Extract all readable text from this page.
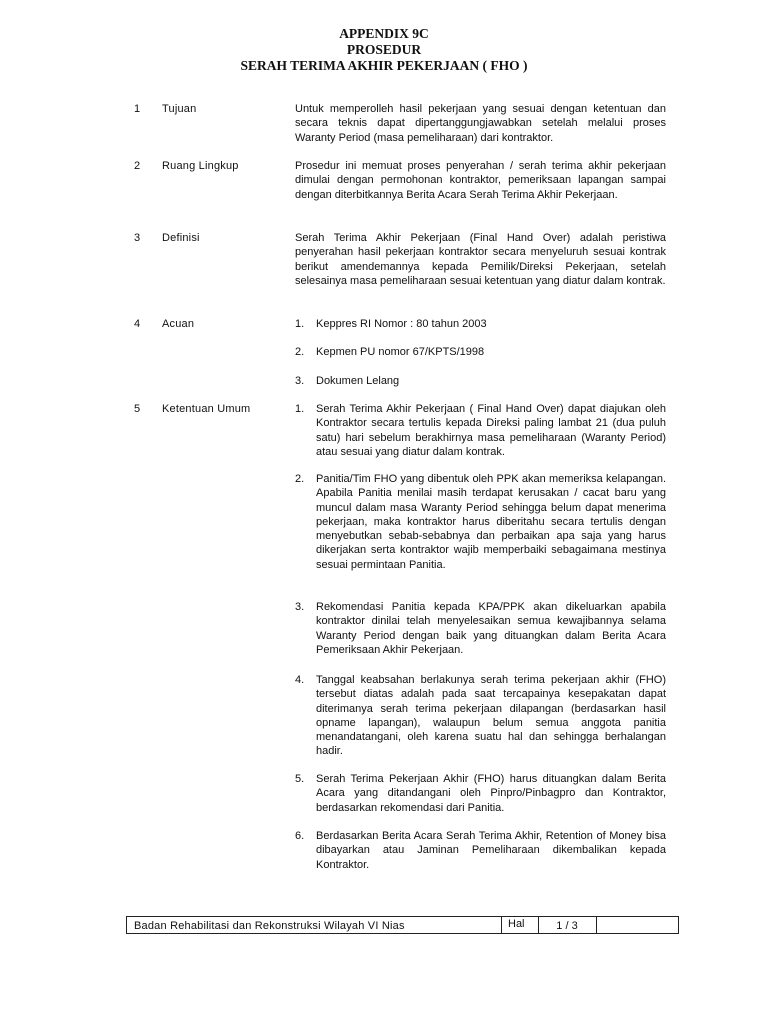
APPENDIX 9C
PROSEDUR
SERAH TERIMA AKHIR PEKERJAAN ( FHO )
1 Tujuan	Untuk memperolleh hasil pekerjaan yang sesuai dengan ketentuan dan secara teknis dapat dipertanggungjawabkan setelah melalui proses Waranty Period (masa pemeliharaan) dari kontraktor.
2 Ruang Lingkup	Prosedur ini memuat proses penyerahan / serah terima akhir pekerjaan dimulai dengan permohonan kontraktor, pemeriksaan lapangan sampai dengan diterbitkannya Berita Acara Serah Terima Akhir Pekerjaan.
3 Definisi	Serah Terima Akhir Pekerjaan (Final Hand Over) adalah peristiwa penyerahan hasil pekerjaan kontraktor secara menyeluruh sesuai kontrak berikut amendemannya kepada Pemilik/Direksi Pekerjaan, setelah selesainya masa pemeliharaan sesuai ketentuan yang diatur dalam kontrak.
4 Acuan	1. Keppres RI Nomor : 80 tahun 2003
2. Kepmen PU nomor 67/KPTS/1998
3. Dokumen Lelang
5 Ketentuan Umum	1. Serah Terima Akhir Pekerjaan ( Final Hand Over) dapat diajukan oleh Kontraktor secara tertulis kepada Direksi paling lambat 21 (dua puluh satu) hari sebelum berakhirnya masa pemeliharaan (Waranty Period) atau sesuai yang diatur dalam kontrak.
2. Panitia/Tim FHO yang dibentuk oleh PPK akan memeriksa kelapangan. Apabila Panitia menilai masih terdapat kerusakan / cacat baru yang muncul dalam masa Waranty Period sehingga belum dapat menerima pekerjaan, maka kontraktor harus diberitahu secara tertulis dengan menyebutkan sebab-sebabnya dan perbaikan apa saja yang harus dikerjakan serta kontraktor wajib memperbaiki sebagaimana mestinya sesuai permintaan Panitia.
3. Rekomendasi Panitia kepada KPA/PPK akan dikeluarkan apabila kontraktor dinilai telah menyelesaikan semua kewajibannya selama Waranty Period dengan baik yang dituangkan dalam Berita Acara Pemeriksaan Akhir Pekerjaan.
4. Tanggal keabsahan berlakunya serah terima pekerjaan akhir (FHO) tersebut diatas adalah pada saat tercapainya kesepakatan dapat diterimanya serah terima pekerjaan dilapangan (berdasarkan hasil opname lapangan), walaupun belum semua anggota panitia menandatangani, oleh karena suatu hal dan sehingga berhalangan hadir.
5. Serah Terima Pekerjaan Akhir (FHO) harus dituangkan dalam Berita Acara yang ditandangani oleh Pinpro/Pinbagpro dan Kontraktor, berdasarkan rekomendasi dari Panitia.
6. Berdasarkan Berita Acara Serah Terima Akhir, Retention of Money bisa dibayarkan atau Jaminan Pemeliharaan dikembalikan kepada Kontraktor.
Badan Rehabilitasi dan Rekonstruksi Wilayah VI Nias	Hal	1 / 3
